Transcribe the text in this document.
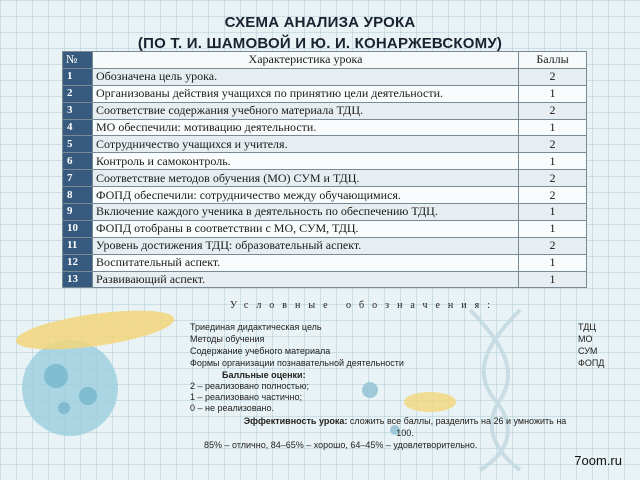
СХЕМА АНАЛИЗА УРОКА
(ПО Т. И. ШАМОВОЙ И Ю. И. КОНАРЖЕВСКОМУ)
№	Характеристика урока	Баллы
1	Обозначена цель урока.	2
2	Организованы действия учащихся по принятию цели деятельности.	1
3	Соответствие содержания учебного материала ТДЦ.	2
4	МО обеспечили: мотивацию деятельности.	1
5	Сотрудничество учащихся и учителя.	2
6	Контроль и самоконтроль.	1
7	Соответствие методов обучения (МО) СУМ и ТДЦ.	2
8	ФОПД обеспечили: сотрудничество между обучающимися.	2
9	Включение каждого ученика в деятельность по обеспечению ТДЦ.	1
10	ФОПД отобраны в соответствии с МО, СУМ, ТДЦ.	1
11	Уровень достижения ТДЦ: образовательный аспект.	2
12	Воспитательный аспект.	1
13	Развивающий аспект.	1
Условные обозначения:
Триединая дидактическая цель	ТДЦ
Методы обучения	МО
Содержание учебного материала	СУМ
Формы организации познавательной деятельности	ФОПД
Балльные оценки:
2 – реализовано полностью;
1 – реализовано частично;
0 – не реализовано.
Эффективность урока: сложить все баллы, разделить на 26 и умножить на
100.
85% – отлично, 84–65% – хорошо, 64–45% – удовлетворительно.
7oom.ru
